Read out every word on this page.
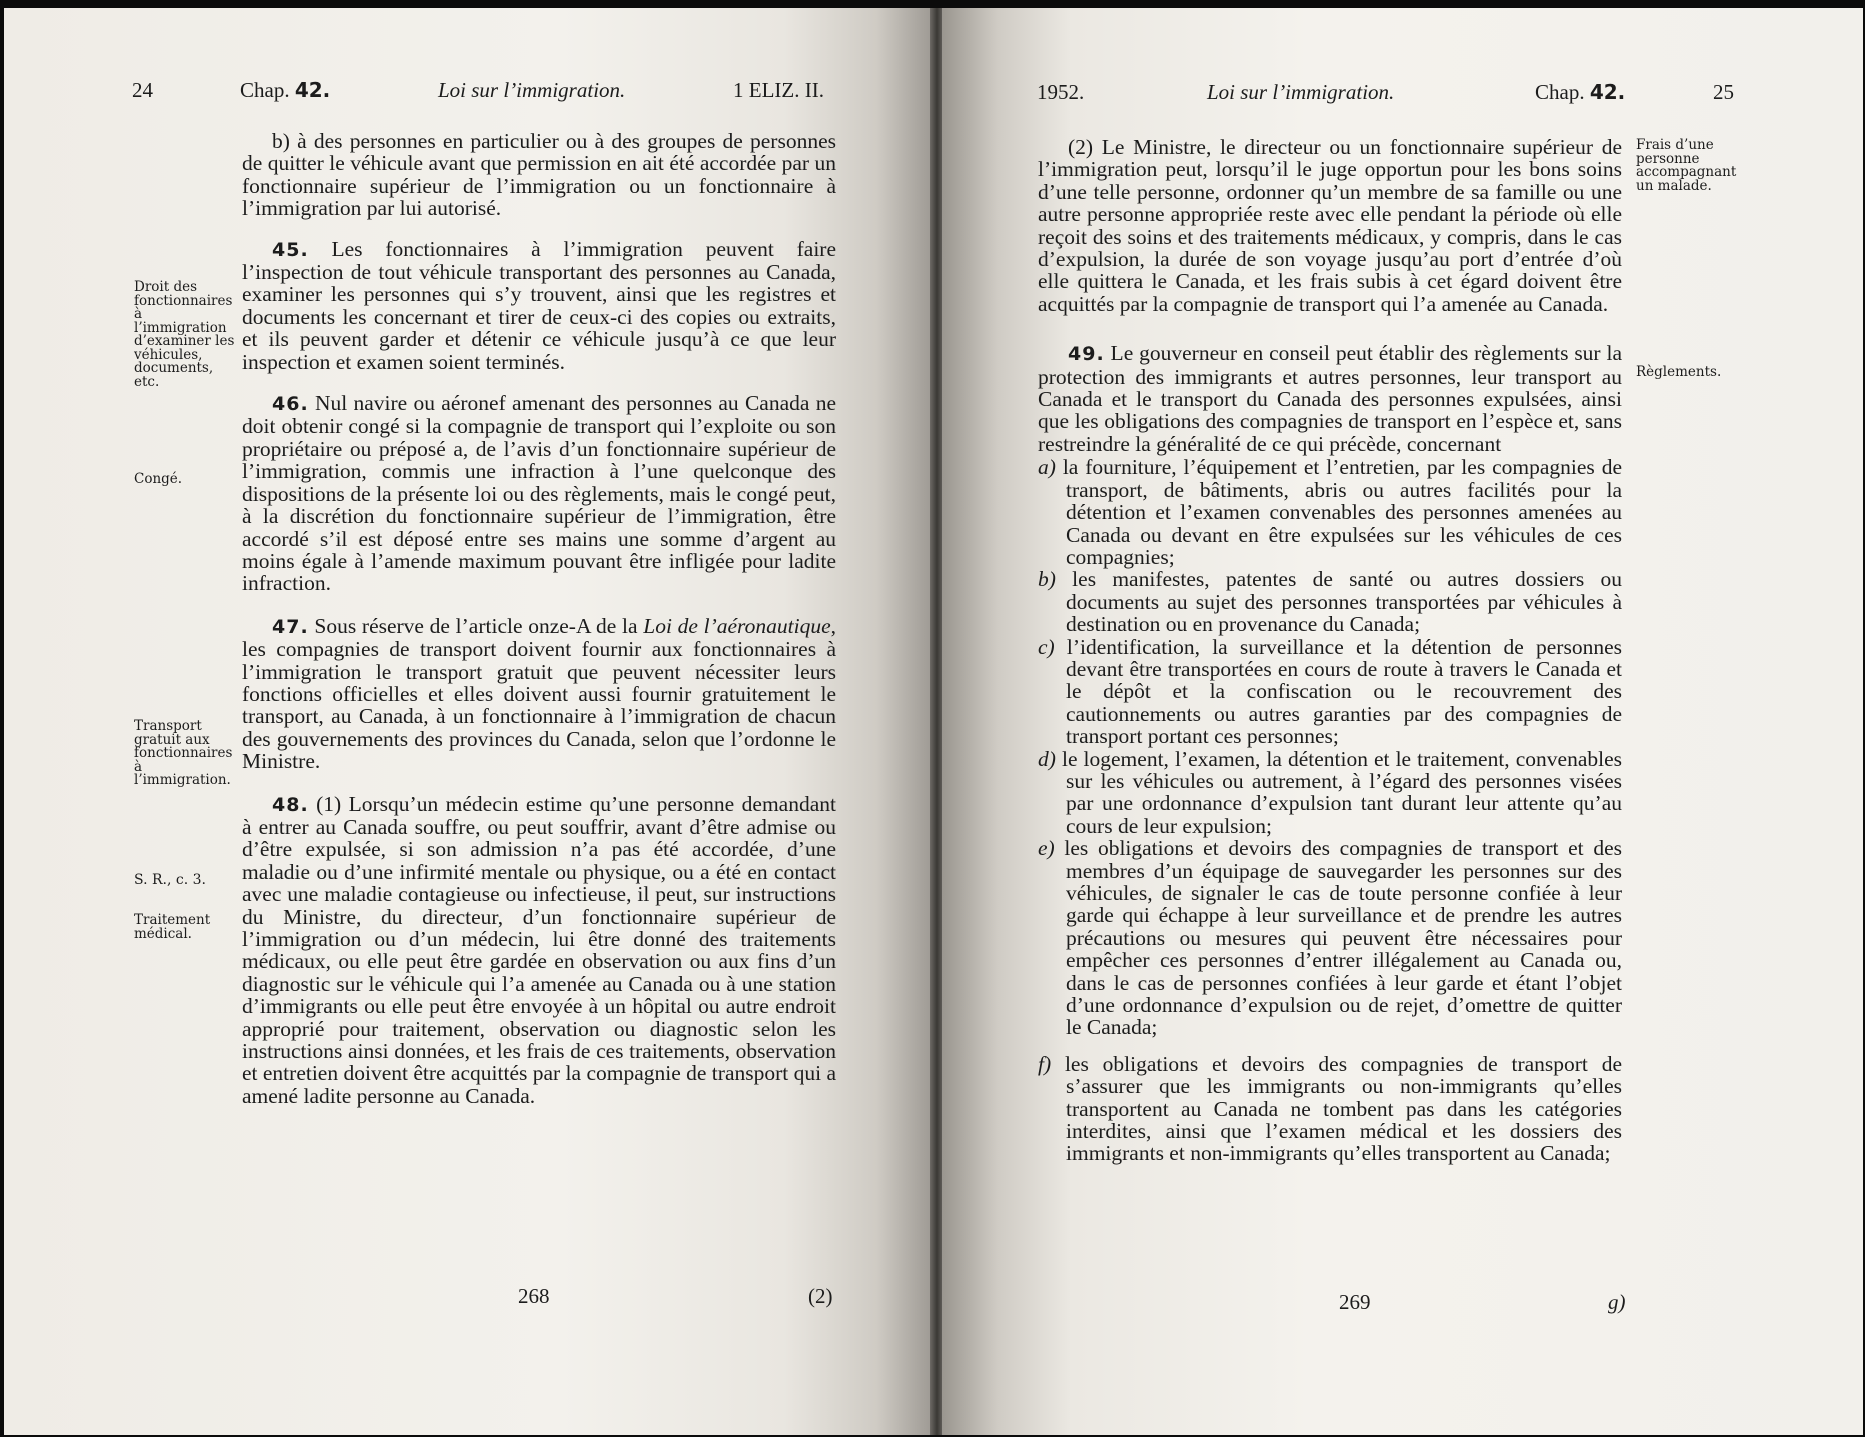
24	Chap. 42.	Loi sur l’immigration.	1 ELIZ. II.

b) à des personnes en particulier ou à des groupes de personnes de quitter le véhicule avant que permission en ait été accordée par un fonctionnaire supérieur de l’immigration ou un fonctionnaire à l’immigration par lui autorisé.

45. Les fonctionnaires à l’immigration peuvent faire l’inspection de tout véhicule transportant des personnes au Canada, examiner les personnes qui s’y trouvent, ainsi que les registres et documents les concernant et tirer de ceux-ci des copies ou extraits, et ils peuvent garder et détenir ce véhicule jusqu’à ce que leur inspection et examen soient terminés.

46. Nul navire ou aéronef amenant des personnes au Canada ne doit obtenir congé si la compagnie de transport qui l’exploite ou son propriétaire ou préposé a, de l’avis d’un fonctionnaire supérieur de l’immigration, commis une infraction à l’une quelconque des dispositions de la présente loi ou des règlements, mais le congé peut, à la discrétion du fonctionnaire supérieur de l’immigration, être accordé s’il est déposé entre ses mains une somme d’argent au moins égale à l’amende maximum pouvant être infligée pour ladite infraction.

47. Sous réserve de l’article onze-A de la Loi de l’aéronautique, les compagnies de transport doivent fournir aux fonctionnaires à l’immigration le transport gratuit que peuvent nécessiter leurs fonctions officielles et elles doivent aussi fournir gratuitement le transport, au Canada, à un fonctionnaire à l’immigration de chacun des gouvernements des provinces du Canada, selon que l’ordonne le Ministre.

48. (1) Lorsqu’un médecin estime qu’une personne demandant à entrer au Canada souffre, ou peut souffrir, avant d’être admise ou d’être expulsée, si son admission n’a pas été accordée, d’une maladie ou d’une infirmité mentale ou physique, ou a été en contact avec une maladie contagieuse ou infectieuse, il peut, sur instructions du Ministre, du directeur, d’un fonctionnaire supérieur de l’immigration ou d’un médecin, lui être donné des traitements médicaux, ou elle peut être gardée en observation ou aux fins d’un diagnostic sur le véhicule qui l’a amenée au Canada ou à une station d’immigrants ou elle peut être envoyée à un hôpital ou autre endroit approprié pour traitement, observation ou diagnostic selon les instructions ainsi données, et les frais de ces traitements, observation et entretien doivent être acquittés par la compagnie de transport qui a amené ladite personne au Canada.

Droit des fonctionnaires à l’immigration d’examiner les véhicules, documents, etc.
Congé.
Transport gratuit aux fonctionnaires à l’immigration.
S. R., c. 3.
Traitement médical.
268	(2)
1952.	Loi sur l’immigration.	Chap. 42.	25

(2) Le Ministre, le directeur ou un fonctionnaire supérieur de l’immigration peut, lorsqu’il le juge opportun pour les bons soins d’une telle personne, ordonner qu’un membre de sa famille ou une autre personne appropriée reste avec elle pendant la période où elle reçoit des soins et des traitements médicaux, y compris, dans le cas d’expulsion, la durée de son voyage jusqu’au port d’entrée d’où elle quittera le Canada, et les frais subis à cet égard doivent être acquittés par la compagnie de transport qui l’a amenée au Canada.

49. Le gouverneur en conseil peut établir des règlements sur la protection des immigrants et autres personnes, leur transport au Canada et le transport du Canada des personnes expulsées, ainsi que les obligations des compagnies de transport en l’espèce et, sans restreindre la généralité de ce qui précède, concernant

a) la fourniture, l’équipement et l’entretien, par les compagnies de transport, de bâtiments, abris ou autres facilités pour la détention et l’examen convenables des personnes amenées au Canada ou devant en être expulsées sur les véhicules de ces compagnies;

b) les manifestes, patentes de santé ou autres dossiers ou documents au sujet des personnes transportées par véhicules à destination ou en provenance du Canada;

c) l’identification, la surveillance et la détention de personnes devant être transportées en cours de route à travers le Canada et le dépôt et la confiscation ou le recouvrement des cautionnements ou autres garanties par des compagnies de transport portant ces personnes;

d) le logement, l’examen, la détention et le traitement, convenables sur les véhicules ou autrement, à l’égard des personnes visées par une ordonnance d’expulsion tant durant leur attente qu’au cours de leur expulsion;

e) les obligations et devoirs des compagnies de transport et des membres d’un équipage de sauvegarder les personnes sur des véhicules, de signaler le cas de toute personne confiée à leur garde qui échappe à leur surveillance et de prendre les autres précautions ou mesures qui peuvent être nécessaires pour empêcher ces personnes d’entrer illégalement au Canada ou, dans le cas de personnes confiées à leur garde et étant l’objet d’une ordonnance d’expulsion ou de rejet, d’omettre de quitter le Canada;

f) les obligations et devoirs des compagnies de transport de s’assurer que les immigrants ou non-immigrants qu’elles transportent au Canada ne tombent pas dans les catégories interdites, ainsi que l’examen médical et les dossiers des immigrants et non-immigrants qu’elles transportent au Canada;

Frais d’une personne accompagnant un malade.
Règlements.
269	g)
